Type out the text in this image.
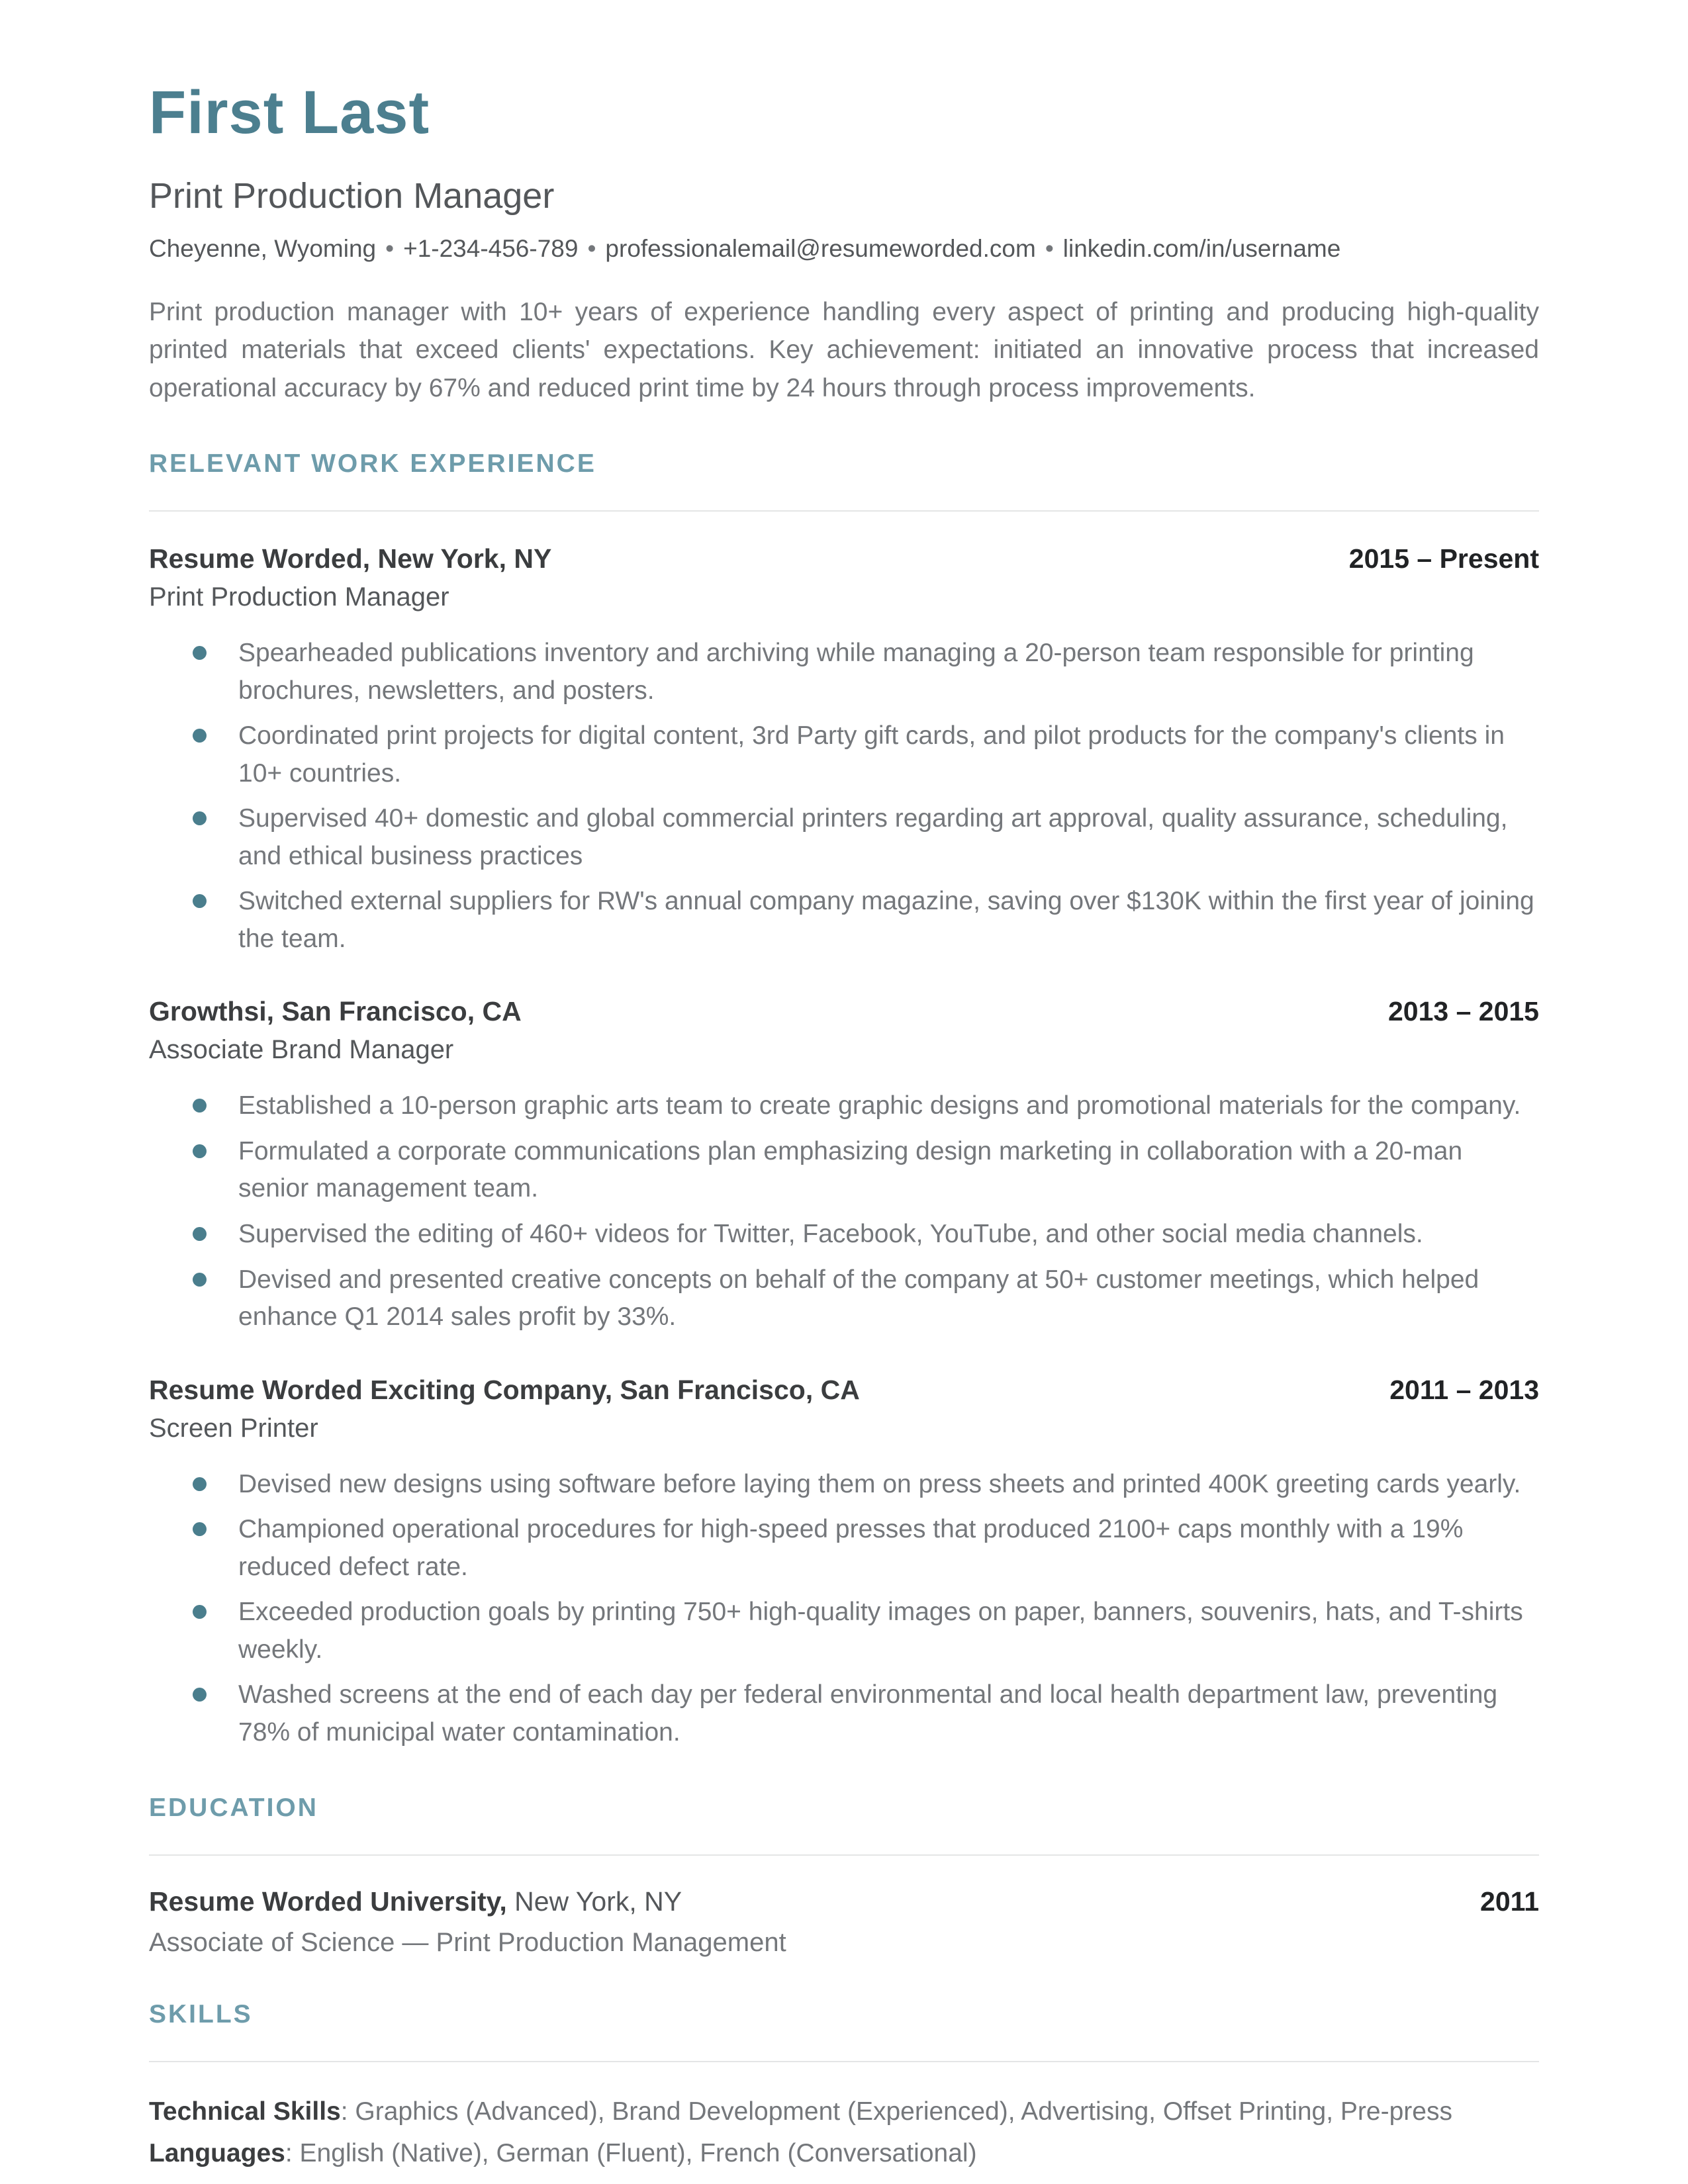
First Last
Print Production Manager
Cheyenne, Wyoming • +1-234-456-789 • professionalemail@resumeworded.com • linkedin.com/in/username
Print production manager with 10+ years of experience handling every aspect of printing and producing high-quality printed materials that exceed clients' expectations. Key achievement: initiated an innovative process that increased operational accuracy by 67% and reduced print time by 24 hours through process improvements.
RELEVANT WORK EXPERIENCE
Resume Worded, New York, NY	2015 – Present
Print Production Manager
Spearheaded publications inventory and archiving while managing a 20-person team responsible for printing brochures, newsletters, and posters.
Coordinated print projects for digital content, 3rd Party gift cards, and pilot products for the company's clients in 10+ countries.
Supervised 40+ domestic and global commercial printers regarding art approval, quality assurance, scheduling, and ethical business practices
Switched external suppliers for RW's annual company magazine, saving over $130K within the first year of joining the team.
Growthsi, San Francisco, CA	2013 – 2015
Associate Brand Manager
Established a 10-person graphic arts team to create graphic designs and promotional materials for the company.
Formulated a corporate communications plan emphasizing design marketing in collaboration with a 20-man senior management team.
Supervised the editing of 460+ videos for Twitter, Facebook, YouTube, and other social media channels.
Devised and presented creative concepts on behalf of the company at 50+ customer meetings, which helped enhance Q1 2014 sales profit by 33%.
Resume Worded Exciting Company, San Francisco, CA	2011 – 2013
Screen Printer
Devised new designs using software before laying them on press sheets and printed 400K greeting cards yearly.
Championed operational procedures for high-speed presses that produced 2100+ caps monthly with a 19% reduced defect rate.
Exceeded production goals by printing 750+ high-quality images on paper, banners, souvenirs, hats, and T-shirts weekly.
Washed screens at the end of each day per federal environmental and local health department law, preventing 78% of municipal water contamination.
EDUCATION
Resume Worded University, New York, NY	2011
Associate of Science — Print Production Management
SKILLS
Technical Skills: Graphics (Advanced), Brand Development (Experienced), Advertising, Offset Printing, Pre-press
Languages: English (Native), German (Fluent), French (Conversational)
